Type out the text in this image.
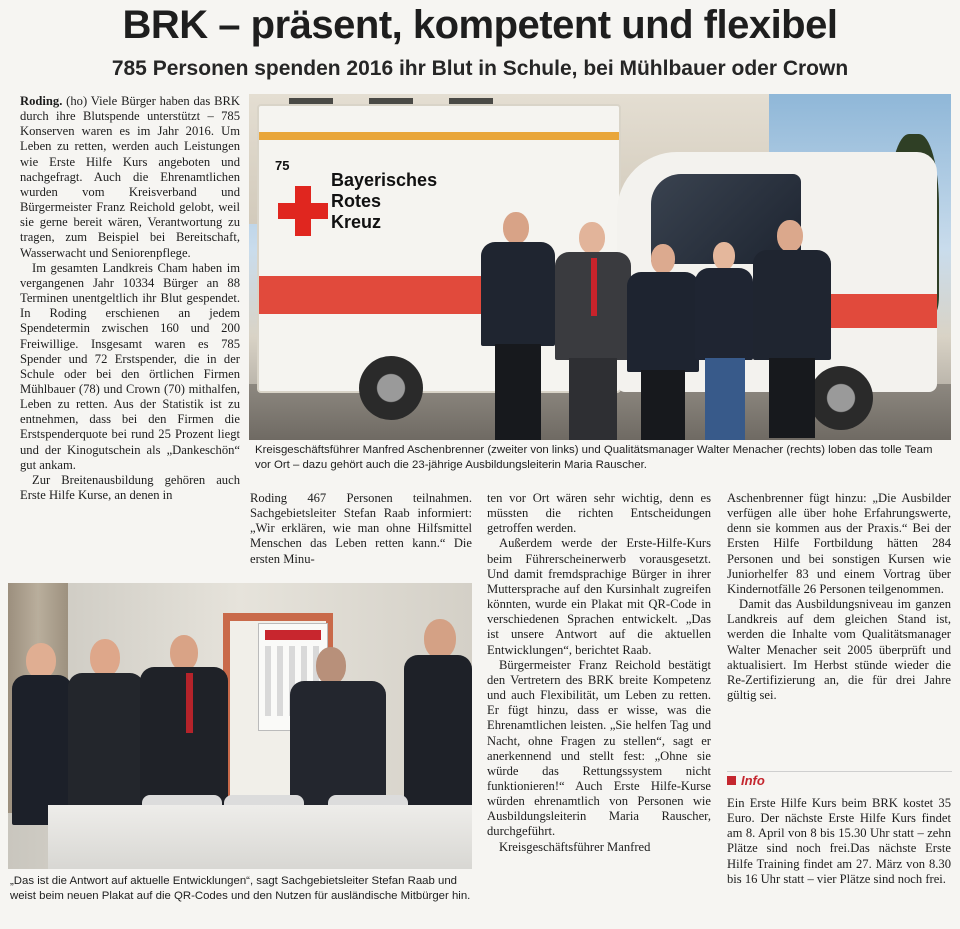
BRK – präsent, kompetent und flexibel
785 Personen spenden 2016 ihr Blut in Schule, bei Mühlbauer oder Crown

Roding. (ho) Viele Bürger haben das BRK durch ihre Blutspende unterstützt – 785 Konserven waren es im Jahr 2016. Um Leben zu retten, werden auch Leistungen wie Erste Hilfe Kurs angeboten und nachgefragt. Auch die Ehrenamtlichen wurden vom Kreisverband und Bürgermeister Franz Reichold gelobt, weil sie gerne bereit wären, Verantwortung zu tragen, zum Beispiel bei Bereitschaft, Wasserwacht und Seniorenpflege.

Im gesamten Landkreis Cham haben im vergangenen Jahr 10334 Bürger an 88 Terminen unentgeltlich ihr Blut gespendet. In Roding erschienen an jedem Spendetermin zwischen 160 und 200 Freiwillige. Insgesamt waren es 785 Spender und 72 Erstspender, die in der Schule oder bei den örtlichen Firmen Mühlbauer (78) und Crown (70) mithalfen, Leben zu retten. Aus der Statistik ist zu entnehmen, dass bei den Firmen die Erstspenderquote bei rund 25 Prozent liegt und der Kinogutschein als „Dankeschön“ gut ankam.

Zur Breitenausbildung gehören auch Erste Hilfe Kurse, an denen in

75
Bayerisches
Rotes
Kreuz
Kreisgeschäftsführer Manfred Aschenbrenner (zweiter von links) und Qualitätsmanager Walter Menacher (rechts) loben das tolle Team vor Ort – dazu gehört auch die 23-jährige Ausbildungsleiterin Maria Rauscher.

Roding 467 Personen teilnahmen. Sachgebietsleiter Stefan Raab informiert: „Wir erklären, wie man ohne Hilfsmittel Menschen das Leben retten kann.“ Die ersten Minu-

ten vor Ort wären sehr wichtig, denn es müssten die richten Entscheidungen getroffen werden.

Außerdem werde der Erste-Hilfe-Kurs beim Führerscheinerwerb vorausgesetzt. Und damit fremdsprachige Bürger in ihrer Muttersprache auf den Kursinhalt zugreifen könnten, wurde ein Plakat mit QR-Code in verschiedenen Sprachen entwickelt. „Das ist unsere Antwort auf die aktuellen Entwicklungen“, berichtet Raab.

Bürgermeister Franz Reichold bestätigt den Vertretern des BRK breite Kompetenz und auch Flexibilität, um Leben zu retten. Er fügt hinzu, dass er wisse, was die Ehrenamtlichen leisten. „Sie helfen Tag und Nacht, ohne Fragen zu stellen“, sagt er anerkennend und stellt fest: „Ohne sie würde das Rettungssystem nicht funktionieren!“ Auch Erste Hilfe-Kurse würden ehrenamtlich von Personen wie Ausbildungsleiterin Maria Rauscher, durchgeführt.

Kreisgeschäftsführer Manfred

Aschenbrenner fügt hinzu: „Die Ausbilder verfügen alle über hohe Erfahrungswerte, denn sie kommen aus der Praxis.“ Bei der Ersten Hilfe Fortbildung hätten 284 Personen und bei sonstigen Kursen wie Juniorhelfer 83 und einem Vortrag über Kindernotfälle 26 Personen teilgenommen.

Damit das Ausbildungsniveau im ganzen Landkreis auf dem gleichen Stand ist, werden die Inhalte vom Qualitätsmanager Walter Menacher seit 2005 überprüft und aktualisiert. Im Herbst stünde wieder die Re-Zertifizierung an, die für drei Jahre gültig sei.

Info

Ein Erste Hilfe Kurs beim BRK kostet 35 Euro. Der nächste Erste Hilfe Kurs findet am 8. April von 8 bis 15.30 Uhr statt – zehn Plätze sind noch frei.Das nächste Erste Hilfe Training findet am 27. März von 8.30 bis 16 Uhr statt – vier Plätze sind noch frei.

„Das ist die Antwort auf aktuelle Entwicklungen“, sagt Sachgebietsleiter Stefan Raab und weist beim neuen Plakat auf die QR-Codes und den Nutzen für ausländische Mitbürger hin.
